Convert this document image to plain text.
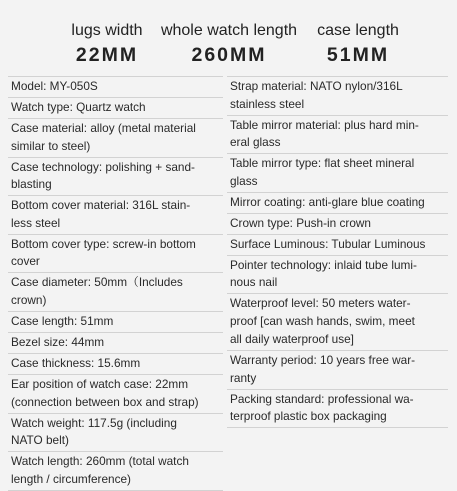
lugs width
22MM
whole watch length
260MM
case length
51MM
Model: MY-050S
Watch type: Quartz watch
Case material: alloy (metal material
similar to steel)
Case technology: polishing + sand-
blasting
Bottom cover material: 316L stain-
less steel
Bottom cover type: screw-in bottom
cover
Case diameter: 50mm（Includes
crown)
Case length: 51mm
Bezel size: 44mm
Case thickness: 15.6mm
Ear position of watch case: 22mm
(connection between box and strap)
Watch weight: 117.5g (including
NATO belt)
Watch length: 260mm (total watch
length / circumference)
Strap material: NATO nylon/316L
stainless steel
Table mirror material: plus hard min-
eral glass
Table mirror type: flat sheet mineral
glass
Mirror coating: anti-glare blue coating
Crown type: Push-in crown
Surface Luminous: Tubular Luminous
Pointer technology: inlaid tube lumi-
nous nail
Waterproof level: 50 meters water-
proof [can wash hands, swim, meet
all daily waterproof use]
Warranty period: 10 years free war-
ranty
Packing standard: professional wa-
terproof plastic box packaging
